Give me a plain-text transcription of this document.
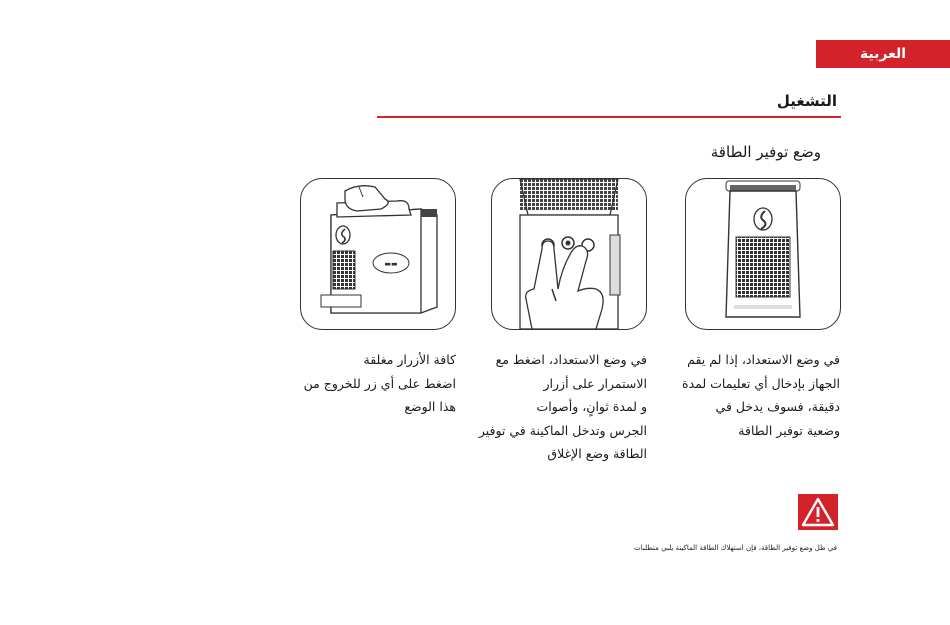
العربية
التشغيل
وضع توفير الطاقة
▬▬
في وضع الاستعداد، إذا لم يقم
الجهاز بإدخال أي تعليمات لمدة
دقيقة، فسوف يدخل في
وضعية توفير الطاقة
في وضع الاستعداد، اضغط مع
الاستمرار على أزرار
و لمدة ثوانٍ، وأصوات
الجرس وتدخل الماكينة في توفير
الطاقة وضع الإغلاق
كافة الأزرار مغلقة
اضغط على أي زر للخروج من
هذا الوضع
في ظل وضع توفير الطاقة، فإن استهلاك الطاقة الماكينة يلبي متطلبات
